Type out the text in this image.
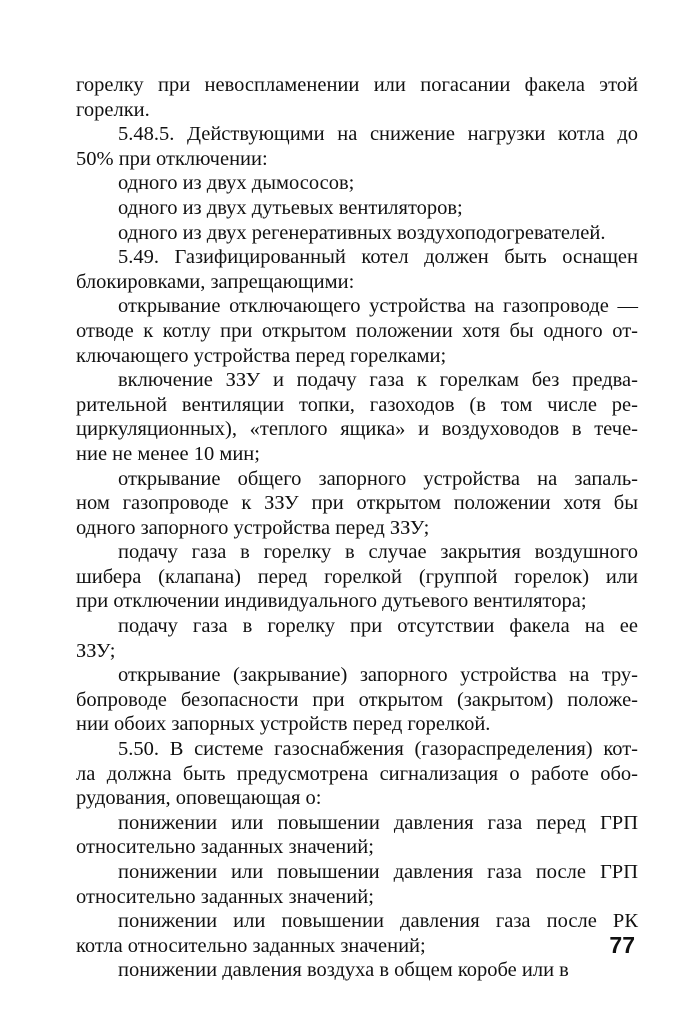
горелку при невоспламенении или погасании факела этой
горелки.
5.48.5. Действующими на снижение нагрузки котла до
50% при отключении:
одного из двух дымососов;
одного из двух дутьевых вентиляторов;
одного из двух регенеративных воздухоподогревателей.
5.49. Газифицированный котел должен быть оснащен
блокировками, запрещающими:
открывание отключающего устройства на газопроводе —
отводе к котлу при открытом положении хотя бы одного от-
ключающего устройства перед горелками;
включение ЗЗУ и подачу газа к горелкам без предва-
рительной вентиляции топки, газоходов (в том числе ре-
циркуляционных), «теплого ящика» и воздуховодов в тече-
ние не менее 10 мин;
открывание общего запорного устройства на запаль-
ном газопроводе к ЗЗУ при открытом положении хотя бы
одного запорного устройства перед ЗЗУ;
подачу газа в горелку в случае закрытия воздушного
шибера (клапана) перед горелкой (группой горелок) или
при отключении индивидуального дутьевого вентилятора;
подачу газа в горелку при отсутствии факела на ее
ЗЗУ;
открывание (закрывание) запорного устройства на тру-
бопроводе безопасности при открытом (закрытом) положе-
нии обоих запорных устройств перед горелкой.
5.50. В системе газоснабжения (газораспределения) кот-
ла должна быть предусмотрена сигнализация о работе обо-
рудования, оповещающая о:
понижении или повышении давления газа перед ГРП
относительно заданных значений;
понижении или повышении давления газа после ГРП
относительно заданных значений;
понижении или повышении давления газа после РК
котла относительно заданных значений;
понижении давления воздуха в общем коробе или в
77
